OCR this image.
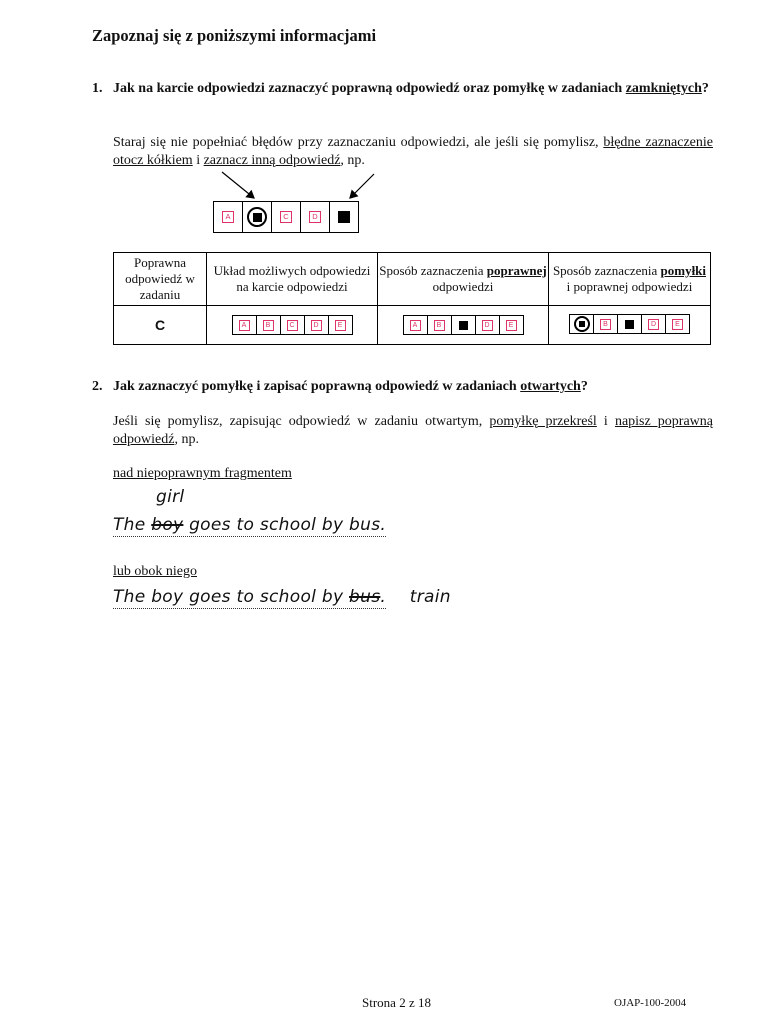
Zapoznaj się z poniższymi informacjami
1. Jak na karcie odpowiedzi zaznaczyć poprawną odpowiedź oraz pomyłkę w zadaniach zamkniętych?
Staraj się nie popełniać błędów przy zaznaczaniu odpowiedzi, ale jeśli się pomylisz, błędne zaznaczenie otocz kółkiem i zaznacz inną odpowiedź, np.
A	C	D
Poprawna odpowiedź w zadaniu	Układ możliwych odpowiedzi na karcie odpowiedzi	Sposób zaznaczenia poprawnej odpowiedzi	Sposób zaznaczenia pomyłki i poprawnej odpowiedzi
C	A B C D E	A B D E	B D E
2. Jak zaznaczyć pomyłkę i zapisać poprawną odpowiedź w zadaniach otwartych?
Jeśli się pomylisz, zapisując odpowiedź w zadaniu otwartym, pomyłkę przekreśl i napisz poprawną odpowiedź, np.
nad niepoprawnym fragmentem
girl
The boy goes to school by bus.
lub obok niego
The boy goes to school by bus. train
Strona 2 z 18	OJAP-100-2004
